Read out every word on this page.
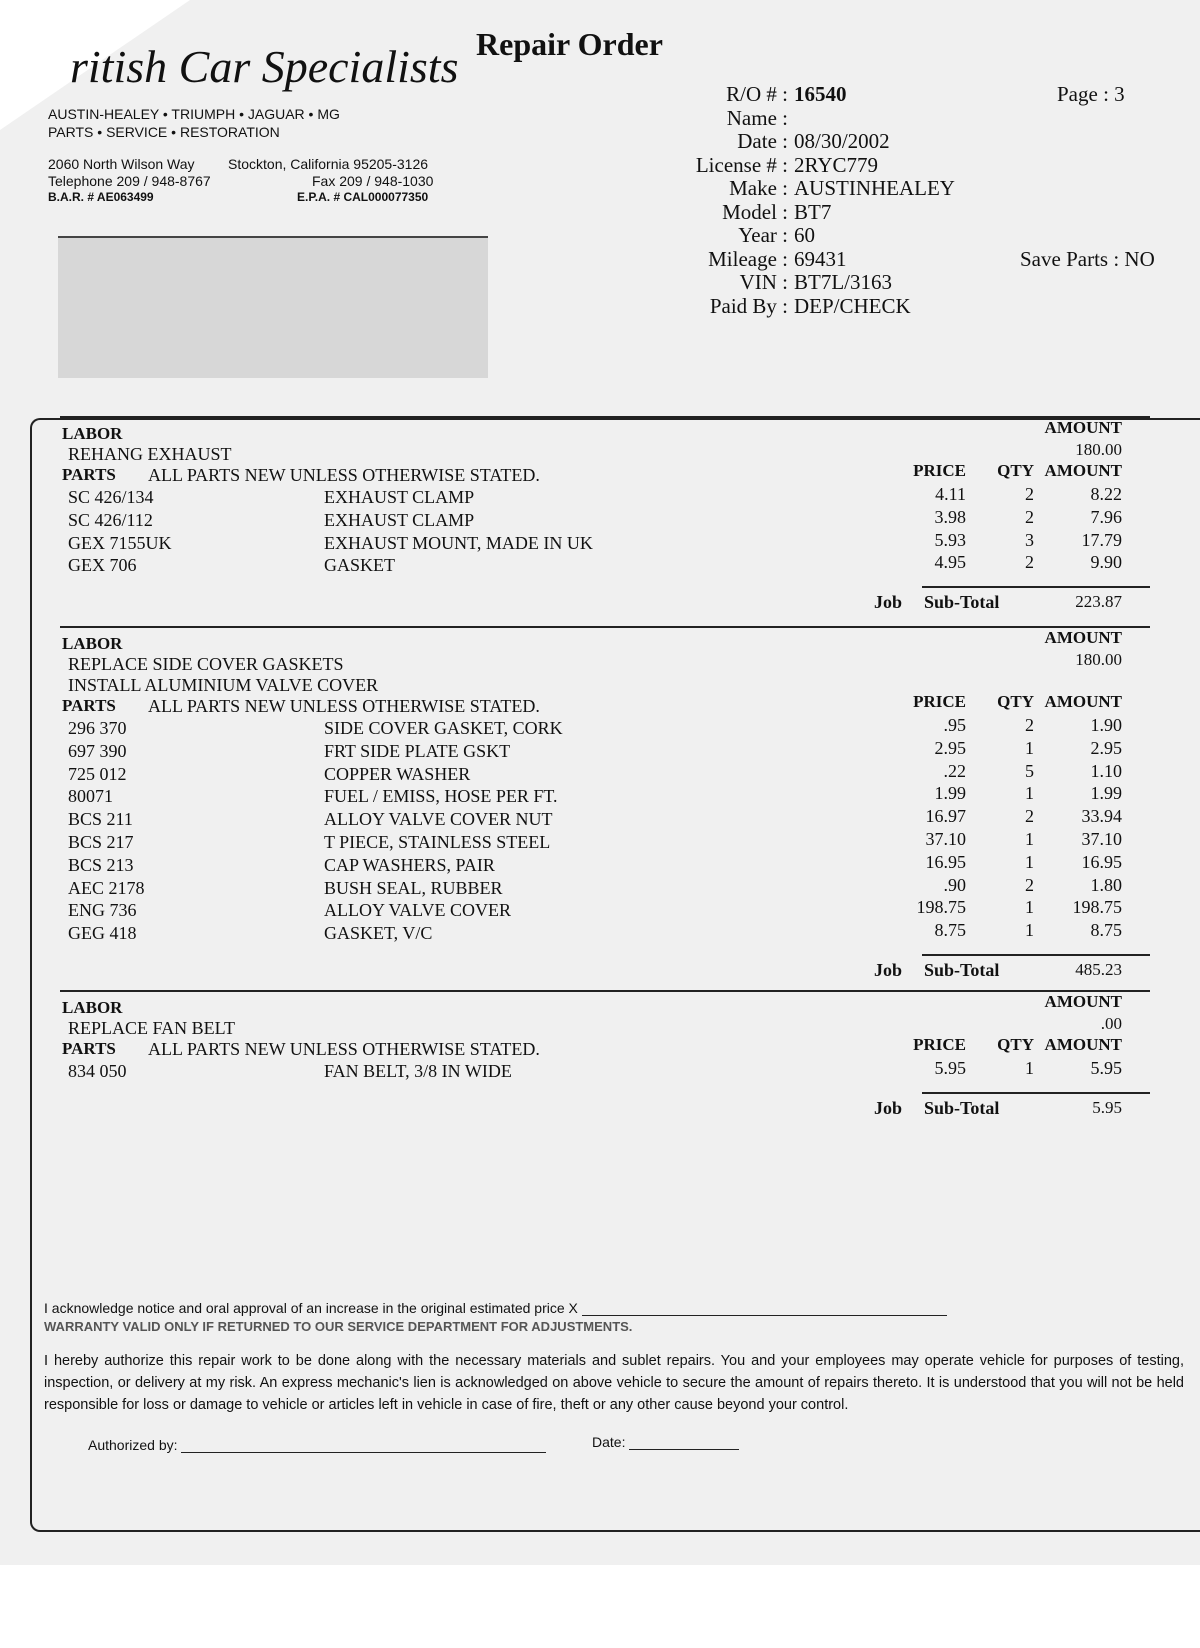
ritish Car Specialists Repair Order
AUSTIN-HEALEY • TRIUMPH • JAGUAR • MG
PARTS • SERVICE • RESTORATION
2060 North Wilson Way Stockton, California 95205-3126
Telephone 209 / 948-8767	Fax 209 / 948-1030
B.A.R. # AE063499	E.P.A. # CAL000077350
R/O # : 16540
Name :
Date : 08/30/2002
License # : 2RYC779
Make : AUSTINHEALEY
Model : BT7
Year : 60
Mileage : 69431
VIN : BT7L/3163
Paid By : DEP/CHECK
Page : 3
Save Parts : NO
LABOR	AMOUNT
REHANG EXHAUST	180.00
PARTS ALL PARTS NEW UNLESS OTHERWISE STATED.	PRICE QTY AMOUNT
SC 426/134	EXHAUST CLAMP	4.11	2	8.22
SC 426/112	EXHAUST CLAMP	3.98	2	7.96
GEX 7155UK	EXHAUST MOUNT, MADE IN UK	5.93	3	17.79
GEX 706	GASKET	4.95	2	9.90
Job Sub-Total	223.87
LABOR	AMOUNT
REPLACE SIDE COVER GASKETS	180.00
INSTALL ALUMINIUM VALVE COVER
PARTS ALL PARTS NEW UNLESS OTHERWISE STATED.	PRICE QTY AMOUNT
296 370	SIDE COVER GASKET, CORK	.95	2	1.90
697 390	FRT SIDE PLATE GSKT	2.95	1	2.95
725 012	COPPER WASHER	.22	5	1.10
80071	FUEL / EMISS, HOSE PER FT.	1.99	1	1.99
BCS 211	ALLOY VALVE COVER NUT	16.97	2	33.94
BCS 217	T PIECE, STAINLESS STEEL	37.10	1	37.10
BCS 213	CAP WASHERS, PAIR	16.95	1	16.95
AEC 2178	BUSH SEAL, RUBBER	.90	2	1.80
ENG 736	ALLOY VALVE COVER	198.75	1 198.75
GEG 418	GASKET, V/C	8.75	1	8.75
Job Sub-Total	485.23
LABOR	AMOUNT
REPLACE FAN BELT	.00
PARTS ALL PARTS NEW UNLESS OTHERWISE STATED.	PRICE QTY AMOUNT
834 050	FAN BELT, 3/8 IN WIDE	5.95	1	5.95
Job Sub-Total	5.95
I acknowledge notice and oral approval of an increase in the original estimated price X
WARRANTY VALID ONLY IF RETURNED TO OUR SERVICE DEPARTMENT FOR ADJUSTMENTS.
I hereby authorize this repair work to be done along with the necessary materials and sublet repairs. You and your employees may operate vehicle for purposes of testing, inspection, or delivery at my risk. An express mechanic's lien is acknowledged on above vehicle to secure the amount of repairs thereto. It is understood that you will not be held responsible for loss or damage to vehicle or articles left in vehicle in case of fire, theft or any other cause beyond your control.
Authorized by:	Date:
